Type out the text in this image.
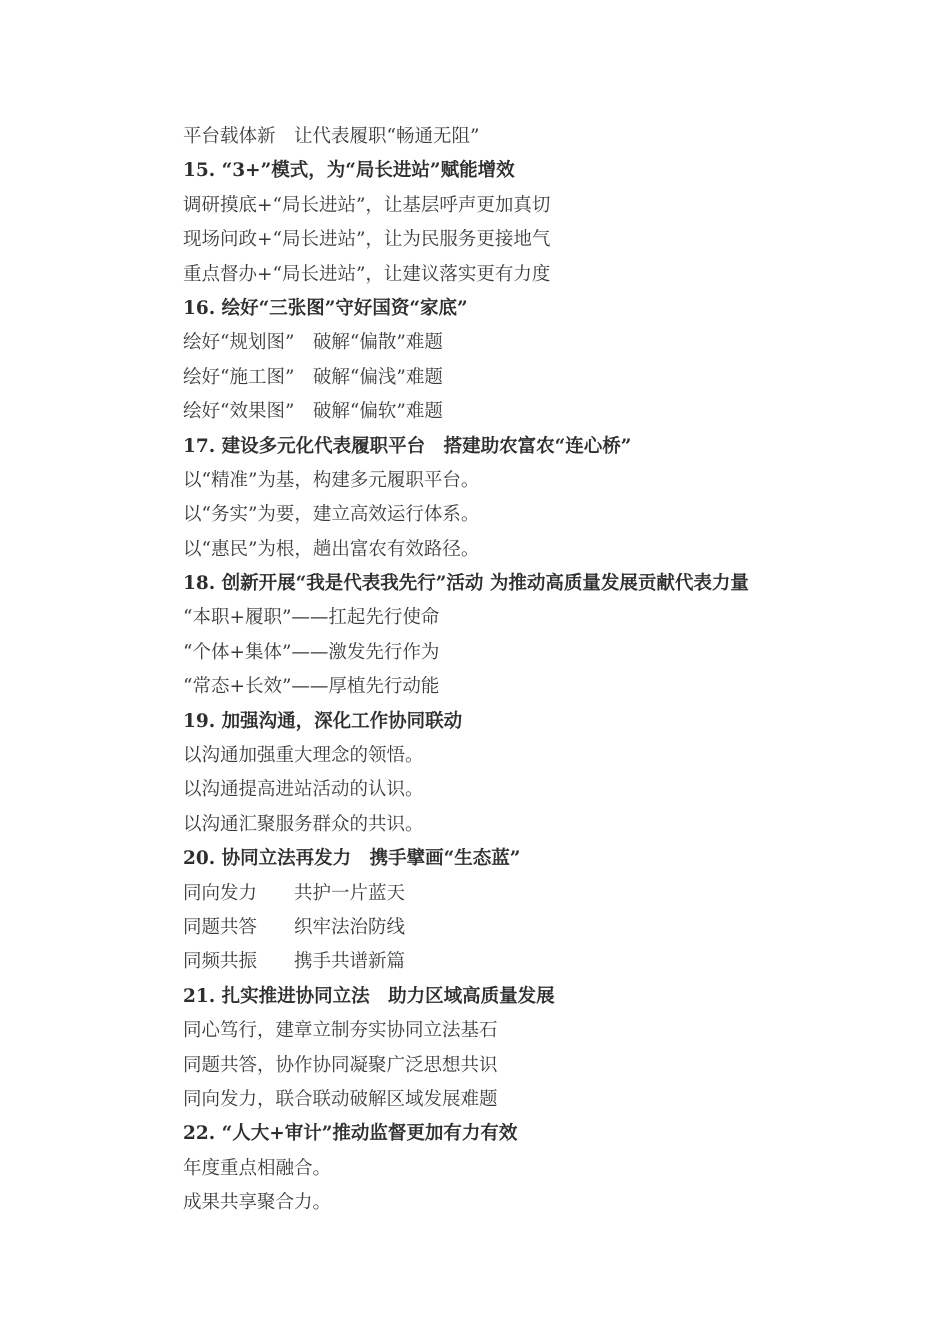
平台载体新　让代表履职“畅通无阻”

15. “3+”模式，为“局长进站”赋能增效

调研摸底+“局长进站”，让基层呼声更加真切

现场问政+“局长进站”，让为民服务更接地气

重点督办+“局长进站”，让建议落实更有力度

16. 绘好“三张图”守好国资“家底”

绘好“规划图”　破解“偏散”难题

绘好“施工图”　破解“偏浅”难题

绘好“效果图”　破解“偏软”难题

17. 建设多元化代表履职平台　搭建助农富农“连心桥”

以“精准”为基，构建多元履职平台。

以“务实”为要，建立高效运行体系。

以“惠民”为根，趟出富农有效路径。

18. 创新开展“我是代表我先行”活动 为推动高质量发展贡献代表力量

“本职+履职”——扛起先行使命

“个体+集体”——激发先行作为

“常态+长效”——厚植先行动能

19. 加强沟通，深化工作协同联动

以沟通加强重大理念的领悟。

以沟通提高进站活动的认识。

以沟通汇聚服务群众的共识。

20. 协同立法再发力　携手擘画“生态蓝”

同向发力　　共护一片蓝天

同题共答　　织牢法治防线

同频共振　　携手共谱新篇

21. 扎实推进协同立法　助力区域高质量发展

同心笃行，建章立制夯实协同立法基石

同题共答，协作协同凝聚广泛思想共识

同向发力，联合联动破解区域发展难题

22. “人大+审计”推动监督更加有力有效

年度重点相融合。

成果共享聚合力。
